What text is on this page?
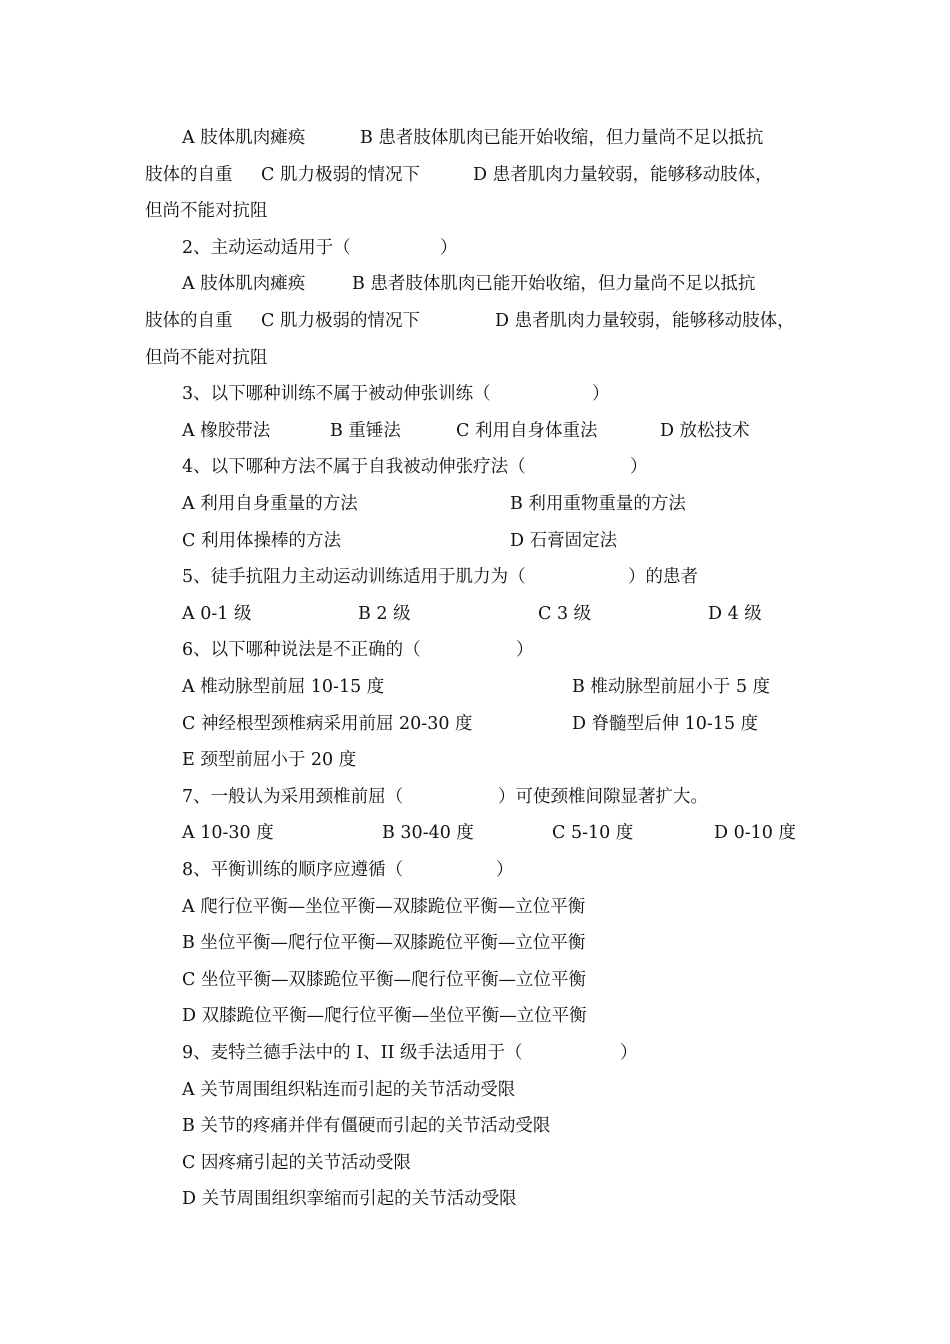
A 肢体肌肉瘫痪	B 患者肢体肌肉已能开始收缩，但力量尚不足以抵抗
肢体的自重 C 肌力极弱的情况下	D 患者肌肉力量较弱，能够移动肢体，
但尚不能对抗阻
2、主动运动适用于（	）
A 肢体肌肉瘫痪	B 患者肢体肌肉已能开始收缩，但力量尚不足以抵抗
肢体的自重 C 肌力极弱的情况下	D 患者肌肉力量较弱，能够移动肢体，
但尚不能对抗阻
3、以下哪种训练不属于被动伸张训练（	）
A 橡胶带法	B 重锤法	C 利用自身体重法	D 放松技术
4、以下哪种方法不属于自我被动伸张疗法（	）
A 利用自身重量的方法	B 利用重物重量的方法
C 利用体操棒的方法	D 石膏固定法
5、徒手抗阻力主动运动训练适用于肌力为（	）的患者
A 0-1 级	B 2 级	C 3 级	D 4 级
6、以下哪种说法是不正确的（	）
A 椎动脉型前屈 10-15 度	B 椎动脉型前屈小于 5 度
C 神经根型颈椎病采用前屈 20-30 度	D 脊髓型后伸 10-15 度
E 颈型前屈小于 20 度
7、一般认为采用颈椎前屈（	）可使颈椎间隙显著扩大。
A 10-30 度	B 30-40 度	C 5-10 度	D 0-10 度
8、平衡训练的顺序应遵循（	）
A 爬行位平衡—坐位平衡—双膝跪位平衡—立位平衡
B 坐位平衡—爬行位平衡—双膝跪位平衡—立位平衡
C 坐位平衡—双膝跪位平衡—爬行位平衡—立位平衡
D 双膝跪位平衡—爬行位平衡—坐位平衡—立位平衡
9、麦特兰德手法中的 I、II 级手法适用于（	）
A 关节周围组织粘连而引起的关节活动受限
B 关节的疼痛并伴有僵硬而引起的关节活动受限
C 因疼痛引起的关节活动受限
D 关节周围组织挛缩而引起的关节活动受限
